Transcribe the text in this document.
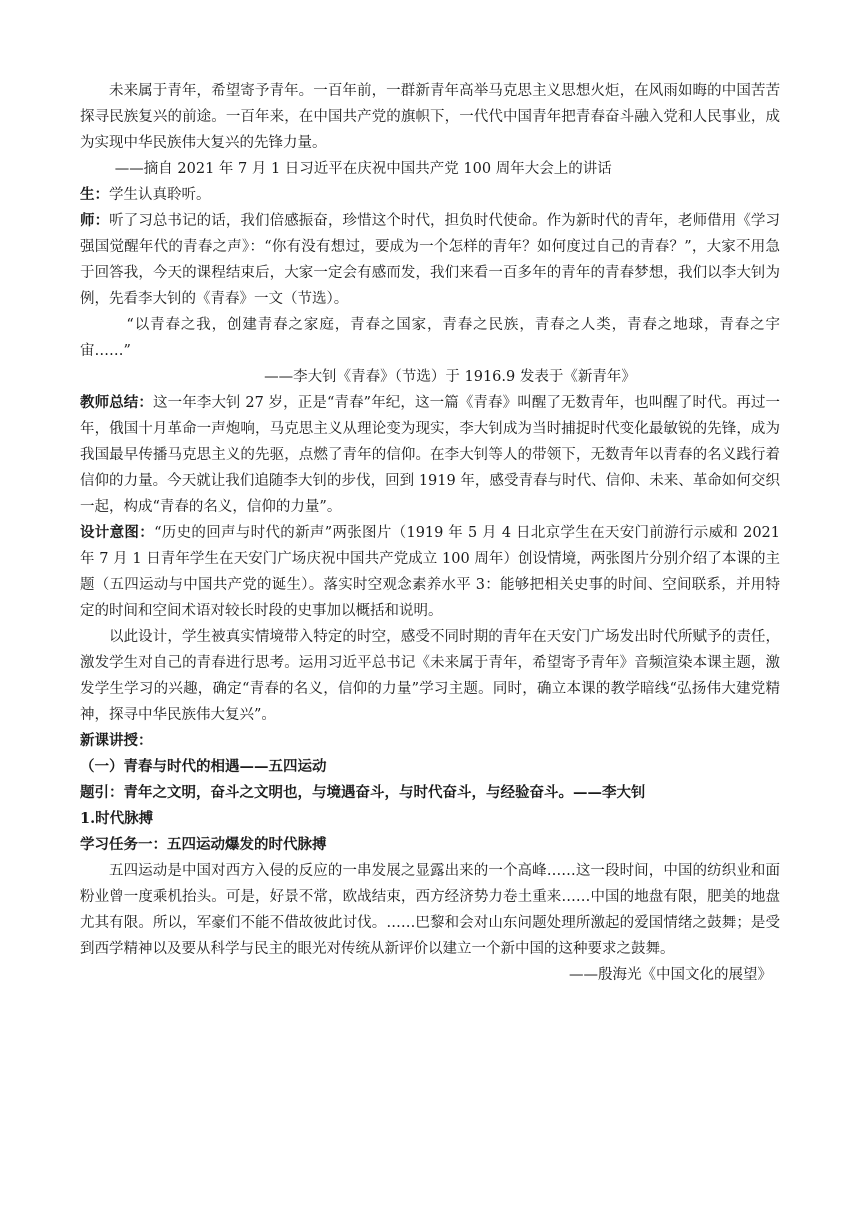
未来属于青年，希望寄予青年。一百年前，一群新青年高举马克思主义思想火炬，在风雨如晦的中国苦苦探寻民族复兴的前途。一百年来，在中国共产党的旗帜下，一代代中国青年把青春奋斗融入党和人民事业，成为实现中华民族伟大复兴的先锋力量。

——摘自 2021 年 7 月 1 日习近平在庆祝中国共产党 100 周年大会上的讲话

生：学生认真聆听。

师：听了习总书记的话，我们倍感振奋，珍惜这个时代，担负时代使命。作为新时代的青年，老师借用《学习强国觉醒年代的青春之声》：“你有没有想过，要成为一个怎样的青年？如何度过自己的青春？”，大家不用急于回答我，今天的课程结束后，大家一定会有感而发，我们来看一百多年的青年的青春梦想，我们以李大钊为例，先看李大钊的《青春》一文（节选）。

“以青春之我，创建青春之家庭，青春之国家，青春之民族，青春之人类，青春之地球，青春之宇宙……”

——李大钊《青春》（节选）于 1916.9 发表于《新青年》

教师总结：这一年李大钊 27 岁，正是“青春”年纪，这一篇《青春》叫醒了无数青年，也叫醒了时代。再过一年，俄国十月革命一声炮响，马克思主义从理论变为现实，李大钊成为当时捕捉时代变化最敏锐的先锋，成为我国最早传播马克思主义的先驱，点燃了青年的信仰。在李大钊等人的带领下，无数青年以青春的名义践行着信仰的力量。今天就让我们追随李大钊的步伐，回到 1919 年，感受青春与时代、信仰、未来、革命如何交织一起，构成“青春的名义，信仰的力量”。

设计意图：“历史的回声与时代的新声”两张图片（1919 年 5 月 4 日北京学生在天安门前游行示威和 2021 年 7 月 1 日青年学生在天安门广场庆祝中国共产党成立 100 周年）创设情境，两张图片分别介绍了本课的主题（五四运动与中国共产党的诞生）。落实时空观念素养水平 3：能够把相关史事的时间、空间联系，并用特定的时间和空间术语对较长时段的史事加以概括和说明。

以此设计，学生被真实情境带入特定的时空，感受不同时期的青年在天安门广场发出时代所赋予的责任，激发学生对自己的青春进行思考。运用习近平总书记《未来属于青年，希望寄予青年》音频渲染本课主题，激发学生学习的兴趣，确定“青春的名义，信仰的力量”学习主题。同时，确立本课的教学暗线“弘扬伟大建党精神，探寻中华民族伟大复兴”。

新课讲授：

（一）青春与时代的相遇——五四运动

题引：青年之文明，奋斗之文明也，与境遇奋斗，与时代奋斗，与经验奋斗。——李大钊

1.时代脉搏

学习任务一：五四运动爆发的时代脉搏

五四运动是中国对西方入侵的反应的一串发展之显露出来的一个高峰……这一段时间，中国的纺织业和面粉业曾一度乘机抬头。可是，好景不常，欧战结束，西方经济势力卷土重来……中国的地盘有限，肥美的地盘尤其有限。所以，军豪们不能不借故彼此讨伐。……巴黎和会对山东问题处理所激起的爱国情绪之鼓舞；是受到西学精神以及要从科学与民主的眼光对传统从新评价以建立一个新中国的这种要求之鼓舞。

——殷海光《中国文化的展望》
